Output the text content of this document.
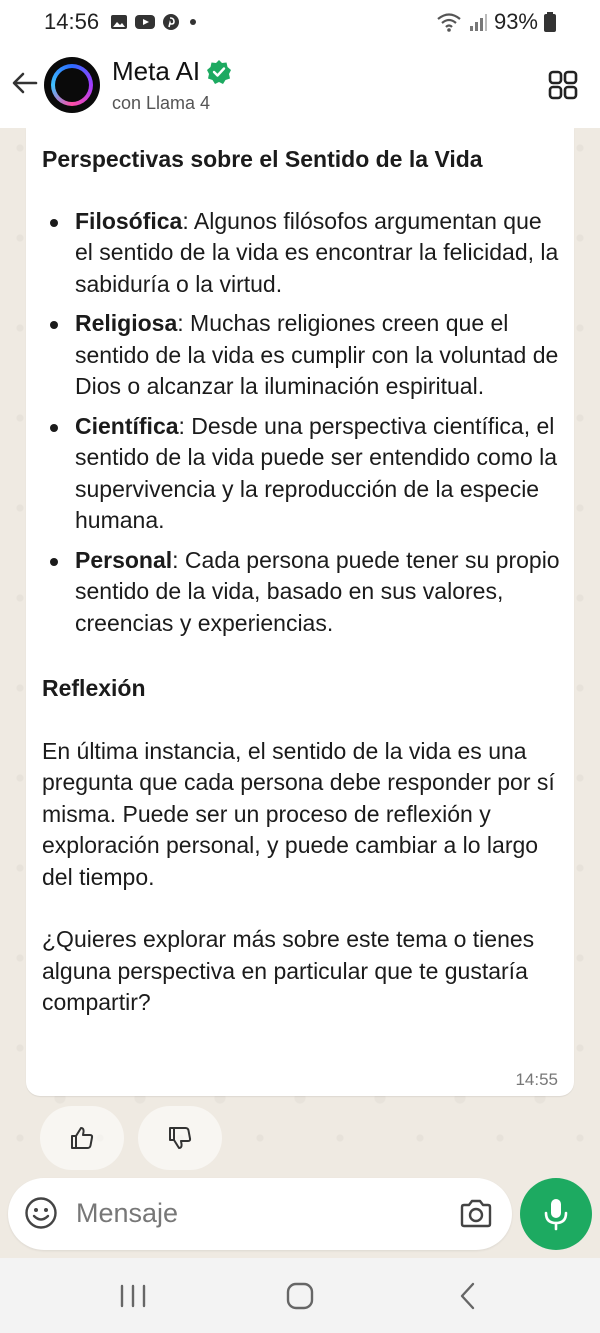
14:56	93%
Meta AI
con Llama 4
Perspectivas sobre el Sentido de la Vida
Filosófica: Algunos filósofos argumentan que el sentido de la vida es encontrar la felicidad, la sabiduría o la virtud.
Religiosa: Muchas religiones creen que el sentido de la vida es cumplir con la voluntad de Dios o alcanzar la iluminación espiritual.
Científica: Desde una perspectiva científica, el sentido de la vida puede ser entendido como la supervivencia y la reproducción de la especie humana.
Personal: Cada persona puede tener su propio sentido de la vida, basado en sus valores, creencias y experiencias.
Reflexión
En última instancia, el sentido de la vida es una pregunta que cada persona debe responder por sí misma. Puede ser un proceso de reflexión y exploración personal, y puede cambiar a lo largo del tiempo.
¿Quieres explorar más sobre este tema o tienes alguna perspectiva en particular que te gustaría compartir?
14:55
Mensaje
